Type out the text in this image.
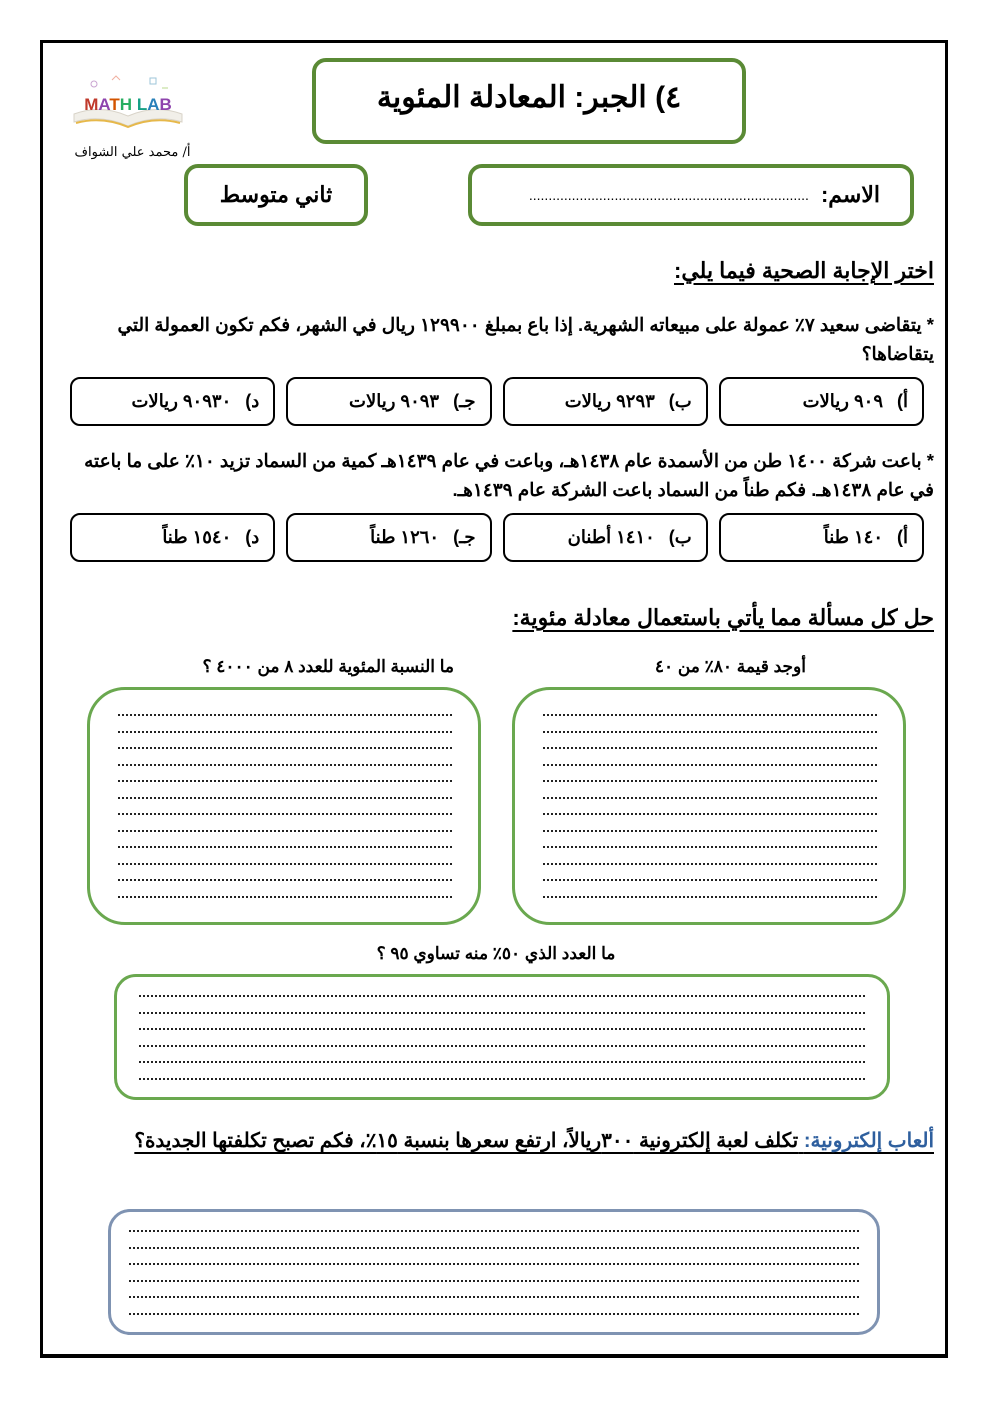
MATH LAB
أ/ محمد علي الشواف
٤) الجبر: المعادلة المئوية
ثاني متوسط	الاسم:
........................................................................
اختر الإجابة الصحية فيما يلي:
* يتقاضى سعيد ٧٪ عمولة على مبيعاته الشهرية. إذا باع بمبلغ ١٢٩٩٠٠ ريال في الشهر، فكم تكون العمولة التي يتقاضاها؟
أ)
٩٠٩ ريالات
ب)
٩٢٩٣ ريالات
جـ)
٩٠٩٣ ريالات
د)
٩٠٩٣٠ ريالات
* باعت شركة ١٤٠٠ طن من الأسمدة عام ١٤٣٨هـ، وباعت في عام ١٤٣٩هـ كمية من السماد تزيد ١٠٪ على ما باعته في عام ١٤٣٨هـ. فكم طناً من السماد باعت الشركة عام ١٤٣٩هـ.
أ)
١٤٠ طناً
ب)
١٤١٠ أطنان
جـ)
١٢٦٠ طناً
د)
١٥٤٠ طناً
حل كل مسألة مما يأتي باستعمال معادلة مئوية:
أوجد قيمة ٨٠٪ من ٤٠
ما النسبة المئوية للعدد ٨ من ٤٠٠٠ ؟
ما العدد الذي ٥٠٪ منه تساوي ٩٥ ؟
ألعاب إلكترونية: تكلف لعبة إلكترونية ٣٠٠ريالاً، ارتفع سعرها بنسبة ١٥٪، فكم تصبح تكلفتها الجديدة؟
